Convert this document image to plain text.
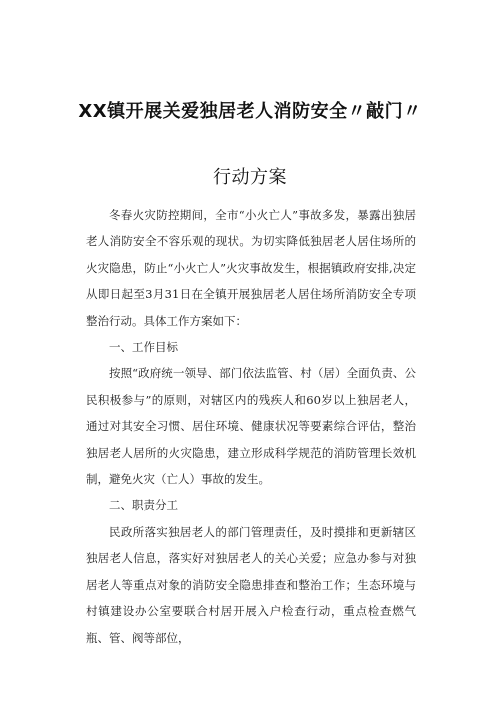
XX镇开展关爱独居老人消防安全〃敲门〃
行动方案

冬春火灾防控期间，全市“小火亡人”事故多发，暴露出独居老人消防安全不容乐观的现状。为切实降低独居老人居住场所的火灾隐患，防止“小火亡人”火灾事故发生，根据镇政府安排,决定从即日起至3月31日在全镇开展独居老人居住场所消防安全专项整治行动。具体工作方案如下：

一、工作目标

按照“政府统一领导、部门依法监管、村（居）全面负责、公民积极参与”的原则，对辖区内的残疾人和60岁以上独居老人，通过对其安全习惯、居住环境、健康状况等要素综合评估，整治独居老人居所的火灾隐患，建立形成科学规范的消防管理长效机制，避免火灾（亡人）事故的发生。

二、职责分工

民政所落实独居老人的部门管理责任，及时摸排和更新辖区独居老人信息，落实好对独居老人的关心关爱；应急办参与对独居老人等重点对象的消防安全隐患排查和整治工作；生态环境与村镇建设办公室要联合村居开展入户检查行动，重点检查燃气瓶、管、阀等部位，
